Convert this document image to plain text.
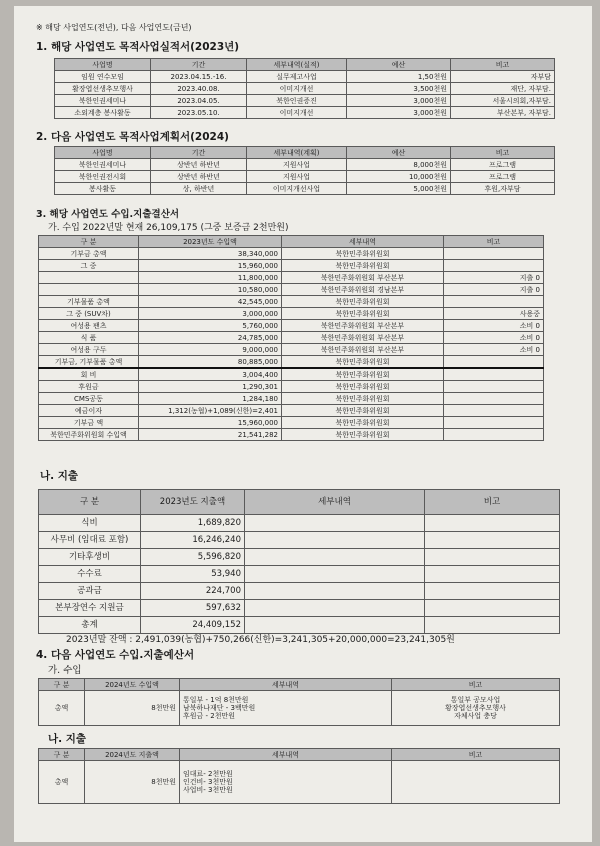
※ 해당 사업연도(전년), 다음 사업연도(금년)
1. 해당 사업연도 목적사업실적서(2023년)
사업명	기간	세부내역(실적)	예산	비고
임원 연수모임	2023.04.15.-16.	실무제고사업	1,50천원	자부담
활장엽선생추모행사	2023.40.08.	이미지개선	3,500천원	재단, 자부담.
북한인권세미나	2023.04.05.	북한인권증진	3,000천원	서울시의회,자부담.
소외계층 봉사활동	2023.05.10.	이미지개선	3,000천원	부산본부, 자부담.
2. 다음 사업연도 목적사업계획서(2024)
사업명	기간	세부내역(계획)	예산	비고
북한인권세미나	상반년 하반년	지원사업	8,000천원	프로그램
북한인권전시회	상반년 하반년	지원사업	10,000천원	프로그램
봉사활동	상, 하반년	이미지개선사업	5,000천원	후원,자부담
3. 해당 사업연도 수입.지출결산서
가. 수입 2022년말 현재 26,109,175 (그중 보증금 2천만원)
구 분	2023년도 수입액	세부내역	비고
기부금 총액	38,340,000	북한민주화위원회	
그 중	15,960,000	북한민주화위원회	
	11,800,000	북한민주화위원회 부산본부	지출 0
	10,580,000	북한민주화위원회 경남본부	지출 0
기부물품 총액	42,545,000	북한민주화위원회	
그 중 (SUV차)	3,000,000	북한민주화위원회	사용중
여성용 팬츠	5,760,000	북한민주화위원회 부산본부	소비 0
식 품	24,785,000	북한민주화위원회 부산본부	소비 0
여성용 구두	9,000,000	북한민주화위원회 부산본부	소비 0
기부금, 기부물품 총액	80,885,000	북한민주화위원회	
회 비	3,004,400	북한민주화위원회	
후원금	1,290,301	북한민주화위원회	
CMS공동	1,284,180	북한민주화위원회	
예금이자	1,312(농협)+1,089(신한)=2,401	북한민주화위원회	
기부금 액	15,960,000	북한민주화위원회	
북한민주화위원회 수입액	21,541,282	북한민주화위원회	
나. 지출
구 분	2023년도 지출액	세부내역	비고
식비	1,689,820		
사무비 (임대료 포함)	16,246,240		
기타후생비	5,596,820		
수수료	53,940		
공과금	224,700		
본부장연수 지원금	597,632		
총계	24,409,152		
2023년말 잔액 : 2,491,039(농협)+750,266(신한)=3,241,305+20,000,000=23,241,305원
4. 다음 사업연도 수입.지출예산서
가. 수입
구 분	2024년도 수입액	세부내역	비고
총액	8천만원	통일부 - 1억 8천만원
남북하나재단 - 3백만원
후원금 - 2천만원	통일부 공모사업
황장엽선생추모행사
자체사업 충당
나. 지출
구 분	2024년도 지출액	세부내역	비고
총액	8천만원	임대료- 2천만원
인건비- 3천만원
사업비- 3천만원	
